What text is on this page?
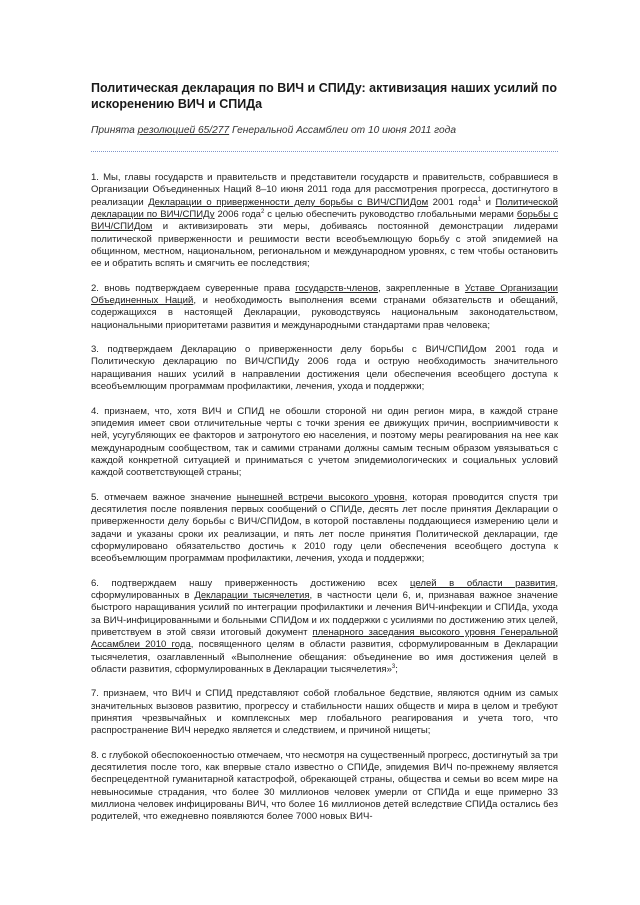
Политическая декларация по ВИЧ и СПИДу: активизация наших усилий по искоренению ВИЧ и СПИДа
Принята резолюцией 65/277 Генеральной Ассамблеи от 10 июня 2011 года

1. Мы, главы государств и правительств и представители государств и правительств, собравшиеся в Организации Объединенных Наций 8–10 июня 2011 года для рассмотрения прогресса, достигнутого в реализации Декларации о приверженности делу борьбы с ВИЧ/СПИДом 2001 года$^1$ и Политической декларации по ВИЧ/СПИДу 2006 года$^2$ с целью обеспечить руководство глобальными мерами борьбы с ВИЧ/СПИДом и активизировать эти меры, добиваясь постоянной демонстрации лидерами политической приверженности и решимости вести всеобъемлющую борьбу с этой эпидемией на общинном, местном, национальном, региональном и международном уровнях, с тем чтобы остановить ее и обратить вспять и смягчить ее последствия;

2. вновь подтверждаем суверенные права государств-членов, закрепленные в Уставе Организации Объединенных Наций, и необходимость выполнения всеми странами обязательств и обещаний, содержащихся в настоящей Декларации, руководствуясь национальным законодательством, национальными приоритетами развития и международными стандартами прав человека;

3. подтверждаем Декларацию о приверженности делу борьбы с ВИЧ/СПИДом 2001 года и Политическую декларацию по ВИЧ/СПИДу 2006 года и острую необходимость значительного наращивания наших усилий в направлении достижения цели обеспечения всеобщего доступа к всеобъемлющим программам профилактики, лечения, ухода и поддержки;

4. признаем, что, хотя ВИЧ и СПИД не обошли стороной ни один регион мира, в каждой стране эпидемия имеет свои отличительные черты с точки зрения ее движущих причин, восприимчивости к ней, усугубляющих ее факторов и затронутого ею населения, и поэтому меры реагирования на нее как международным сообществом, так и самими странами должны самым тесным образом увязываться с каждой конкретной ситуацией и приниматься с учетом эпидемиологических и социальных условий каждой соответствующей страны;

5. отмечаем важное значение нынешней встречи высокого уровня, которая проводится спустя три десятилетия после появления первых сообщений о СПИДе, десять лет после принятия Декларации о приверженности делу борьбы с ВИЧ/СПИДом, в которой поставлены поддающиеся измерению цели и задачи и указаны сроки их реализации, и пять лет после принятия Политической декларации, где сформулировано обязательство достичь к 2010 году цели обеспечения всеобщего доступа к всеобъемлющим программам профилактики, лечения, ухода и поддержки;

6. подтверждаем нашу приверженность достижению всех целей в области развития, сформулированных в Декларации тысячелетия, в частности цели 6, и, признавая важное значение быстрого наращивания усилий по интеграции профилактики и лечения ВИЧ-инфекции и СПИДа, ухода за ВИЧ-инфицированными и больными СПИДом и их поддержки с усилиями по достижению этих целей, приветствуем в этой связи итоговый документ пленарного заседания высокого уровня Генеральной Ассамблеи 2010 года, посвященного целям в области развития, сформулированным в Декларации тысячелетия, озаглавленный «Выполнение обещания: объединение во имя достижения целей в области развития, сформулированных в Декларации тысячелетия»$^3$;

7. признаем, что ВИЧ и СПИД представляют собой глобальное бедствие, являются одним из самых значительных вызовов развитию, прогрессу и стабильности наших обществ и мира в целом и требуют принятия чрезвычайных и комплексных мер глобального реагирования и учета того, что распространение ВИЧ нередко является и следствием, и причиной нищеты;

8. с глубокой обеспокоенностью отмечаем, что несмотря на существенный прогресс, достигнутый за три десятилетия после того, как впервые стало известно о СПИДе, эпидемия ВИЧ по-прежнему является беспрецедентной гуманитарной катастрофой, обрекающей страны, общества и семьи во всем мире на невыносимые страдания, что более 30 миллионов человек умерли от СПИДа и еще примерно 33 миллиона человек инфицированы ВИЧ, что более 16 миллионов детей вследствие СПИДа остались без родителей, что ежедневно появляются более 7000 новых ВИЧ-
